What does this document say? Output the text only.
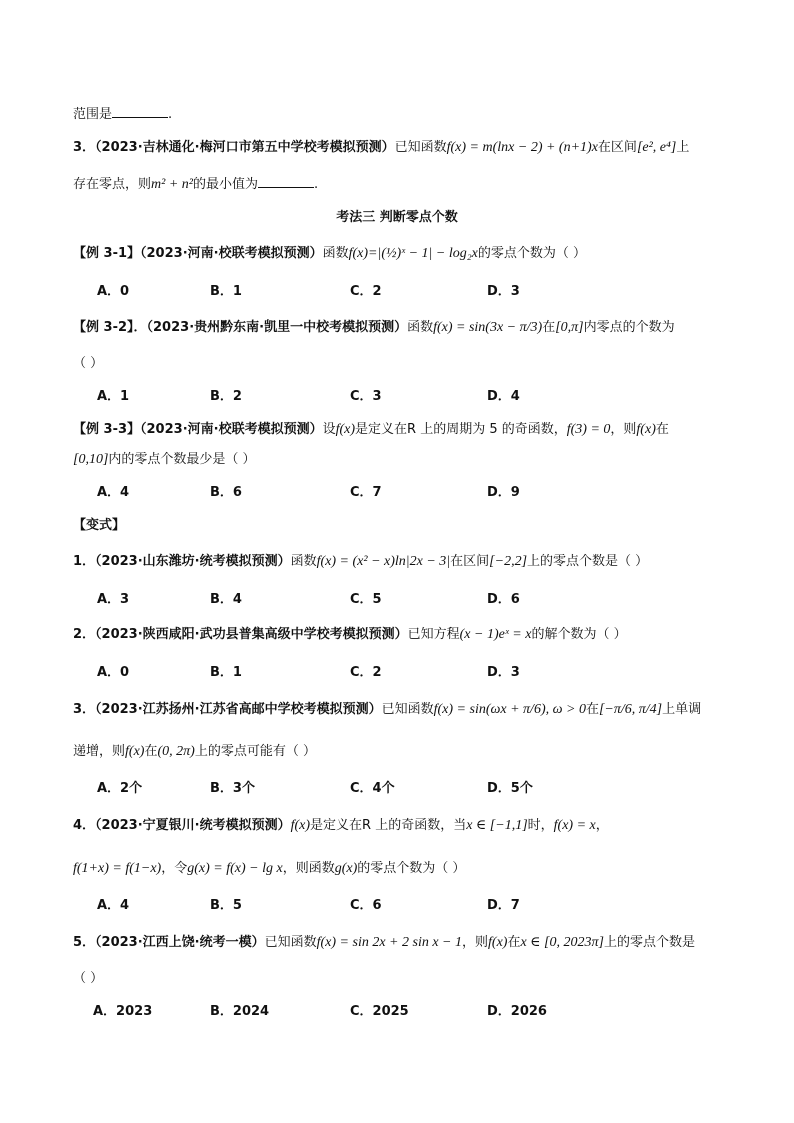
范围是	.
3．（2023·吉林通化·梅河口市第五中学校考模拟预测）已知函数f(x) = m(lnx − 2) + (n+1)x在区间[e², e⁴]上
存在零点，则m² + n²的最小值为	.
考法三 判断零点个数
【例 3-1】（2023·河南·校联考模拟预测）函数f(x)=|(½)ˣ − 1| − log₂x的零点个数为（ ）
A．0	B．1	C．2	D．3
【例 3-2】．（2023·贵州黔东南·凯里一中校考模拟预测）函数f(x) = sin(3x − π/3)在[0,π]内零点的个数为
（ ）
A．1	B．2	C．3	D．4
【例 3-3】（2023·河南·校联考模拟预测）设f(x)是定义在R 上的周期为 5 的奇函数，f(3) = 0，则f(x)在
[0,10]内的零点个数最少是（ ）
A．4	B．6	C．7	D．9
【变式】
1．（2023·山东潍坊·统考模拟预测）函数f(x) = (x² − x)ln|2x − 3|在区间[−2,2]上的零点个数是（ ）
A．3	B．4	C．5	D．6
2．（2023·陕西咸阳·武功县普集高级中学校考模拟预测）已知方程(x − 1)eˣ = x的解个数为（ ）
A．0	B．1	C．2	D．3
3．（2023·江苏扬州·江苏省高邮中学校考模拟预测）已知函数f(x) = sin(ωx + π/6), ω > 0在[−π/6, π/4]上单调
递增，则f(x)在(0, 2π)上的零点可能有（ ）
A．2个	B．3个	C．4个	D．5个
4．（2023·宁夏银川·统考模拟预测）f(x)是定义在R 上的奇函数，当x ∈ [−1,1]时，f(x) = x，
f(1+x) = f(1−x)，令g(x) = f(x) − lg x，则函数g(x)的零点个数为（ ）
A．4	B．5	C．6	D．7
5．（2023·江西上饶·统考一模）已知函数f(x) = sin 2x + 2 sin x − 1，则f(x)在x ∈ [0, 2023π]上的零点个数是
（ ）
A．2023	B．2024	C．2025	D．2026
